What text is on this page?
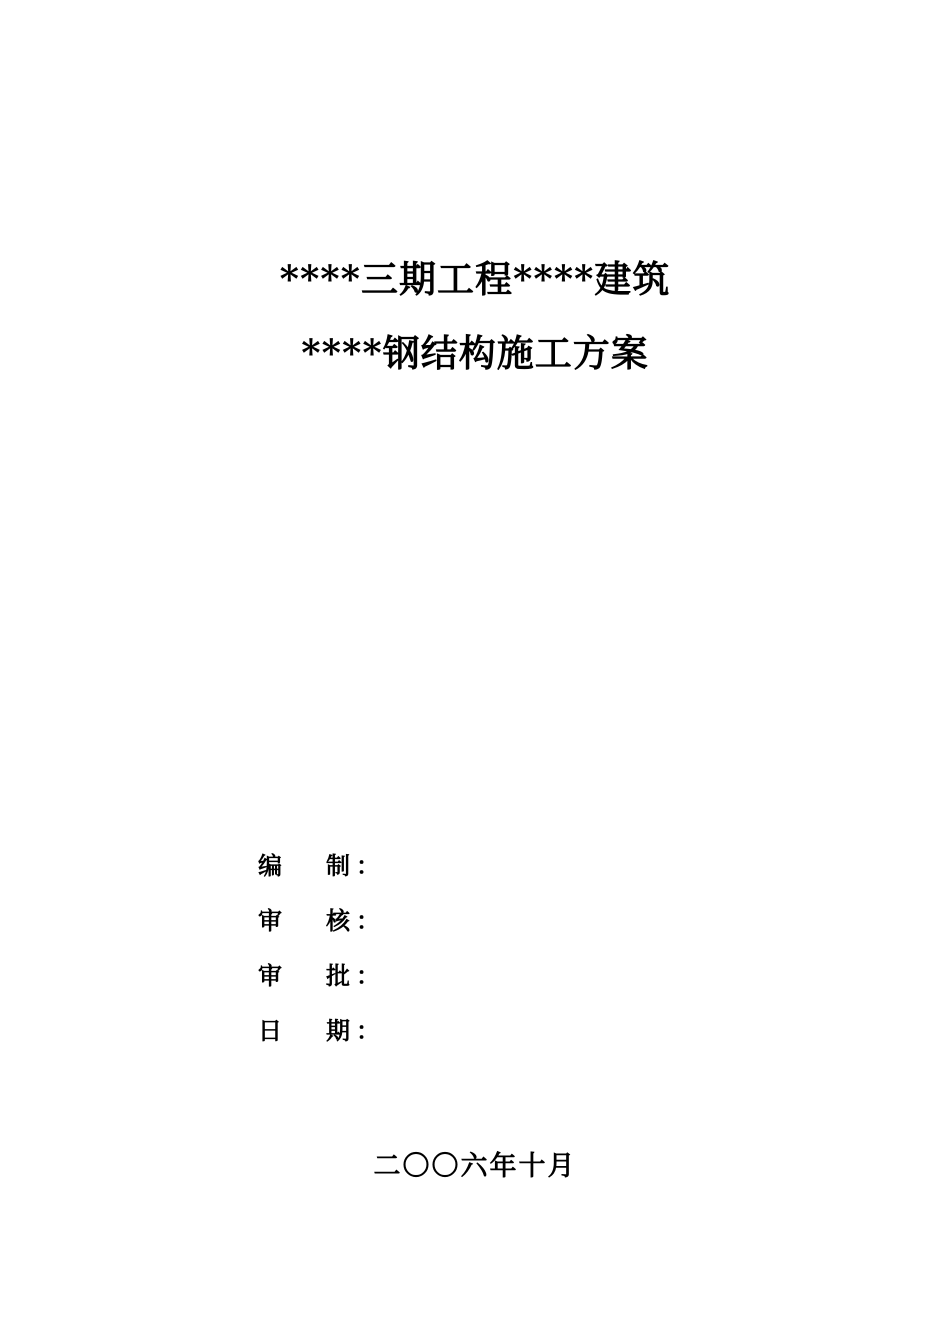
****三期工程****建筑
****钢结构施工方案
编　制
：
审　核
：
审　批
：
日　期
：
二〇〇六年十月
